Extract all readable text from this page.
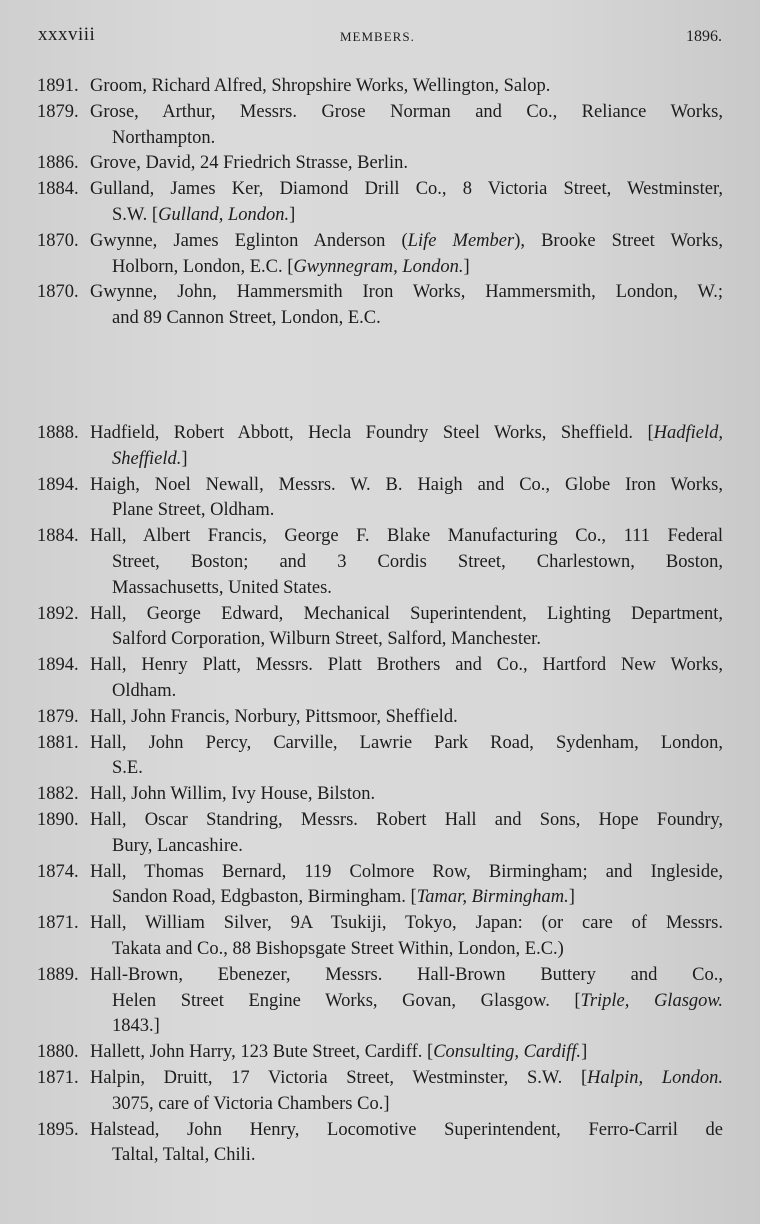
xxxviii	MEMBERS.	1896.
1891. Groom, Richard Alfred, Shropshire Works, Wellington, Salop.
1879. Grose, Arthur, Messrs. Grose Norman and Co., Reliance Works,
Northampton.
1886. Grove, David, 24 Friedrich Strasse, Berlin.
1884. Gulland, James Ker, Diamond Drill Co., 8 Victoria Street, Westminster,
S.W. [Gulland, London.]
1870. Gwynne, James Eglinton Anderson (Life Member), Brooke Street Works,
Holborn, London, E.C. [Gwynnegram, London.]
1870. Gwynne, John, Hammersmith Iron Works, Hammersmith, London, W.;
and 89 Cannon Street, London, E.C.
1888. Hadfield, Robert Abbott, Hecla Foundry Steel Works, Sheffield. [Hadfield,
Sheffield.]
1894. Haigh, Noel Newall, Messrs. W. B. Haigh and Co., Globe Iron Works,
Plane Street, Oldham.
1884. Hall, Albert Francis, George F. Blake Manufacturing Co., 111 Federal
Street, Boston; and 3 Cordis Street, Charlestown, Boston,
Massachusetts, United States.
1892. Hall, George Edward, Mechanical Superintendent, Lighting Department,
Salford Corporation, Wilburn Street, Salford, Manchester.
1894. Hall, Henry Platt, Messrs. Platt Brothers and Co., Hartford New Works,
Oldham.
1879. Hall, John Francis, Norbury, Pittsmoor, Sheffield.
1881. Hall, John Percy, Carville, Lawrie Park Road, Sydenham, London,
S.E.
1882. Hall, John Willim, Ivy House, Bilston.
1890. Hall, Oscar Standring, Messrs. Robert Hall and Sons, Hope Foundry,
Bury, Lancashire.
1874. Hall, Thomas Bernard, 119 Colmore Row, Birmingham; and Ingleside,
Sandon Road, Edgbaston, Birmingham. [Tamar, Birmingham.]
1871. Hall, William Silver, 9A Tsukiji, Tokyo, Japan: (or care of Messrs.
Takata and Co., 88 Bishopsgate Street Within, London, E.C.)
1889. Hall-Brown, Ebenezer, Messrs. Hall-Brown Buttery and Co.,
Helen Street Engine Works, Govan, Glasgow. [Triple, Glasgow.
1843.]
1880. Hallett, John Harry, 123 Bute Street, Cardiff. [Consulting, Cardiff.]
1871. Halpin, Druitt, 17 Victoria Street, Westminster, S.W. [Halpin, London.
3075, care of Victoria Chambers Co.]
1895. Halstead, John Henry, Locomotive Superintendent, Ferro-Carril de
Taltal, Taltal, Chili.
